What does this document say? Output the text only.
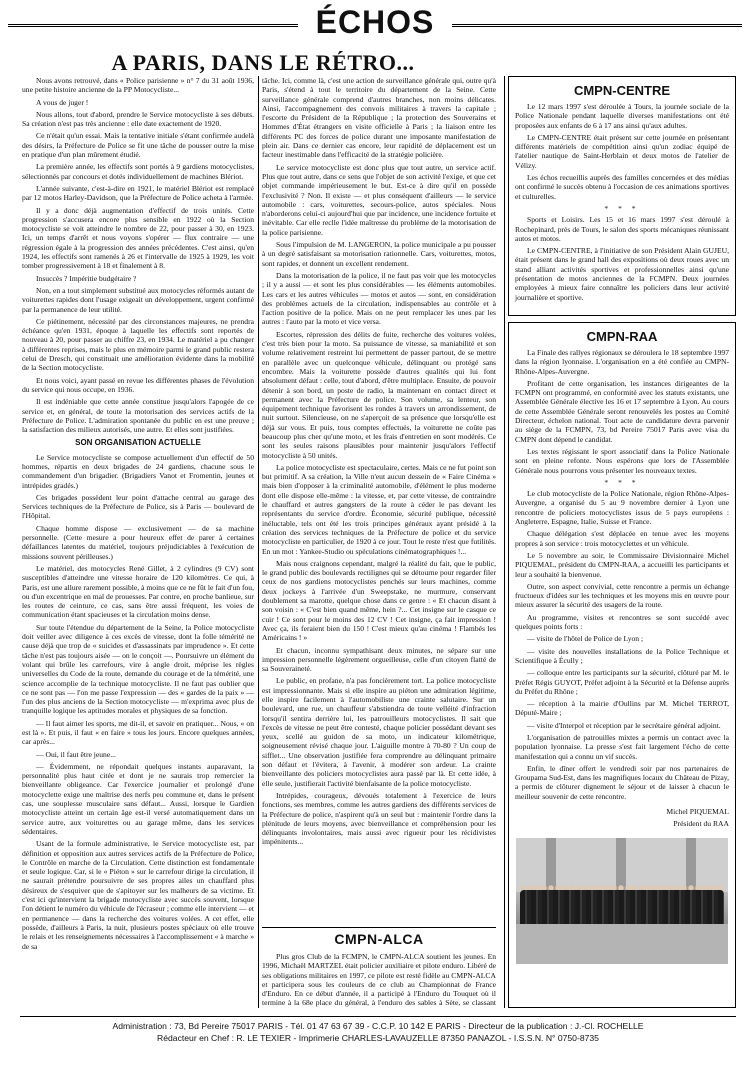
ÉCHOS
A PARIS, DANS LE RÉTRO...

Nous avons retrouvé, dans « Police parisienne » n° 7 du 31 août 1936, une petite histoire ancienne de la PP Motocycliste...

A vous de juger !

Nous allons, tout d'abord, prendre le Service motocycliste à ses débuts. Sa création n'est pas très ancienne : elle date exactement de 1920.

Ce n'était qu'un essai. Mais la tentative initiale s'étant confirmée audelà des désirs, la Préfecture de Police se fit une tâche de pousser outre la mise en pratique d'un plan mûrement étudié.

La première année, les effectifs sont portés à 9 gardiens motocyclistes, sélectionnés par concours et dotés individuellement de machines Blériot.

L'année suivante, c'est-à-dire en 1921, le matériel Blériot est remplacé par 12 motos Harley-Davidson, que la Préfecture de Police acheta à l'armée.

Il y a donc déjà augmentation d'effectif de trois unités. Cette progression s'accusera encore plus sensible en 1922 où la Section motocycliste se voit atteindre le nombre de 22, pour passer à 30, en 1923. Ici, un temps d'arrêt et nous voyons s'opérer — flux contraire — une régression égale à la progression des années précédentes. C'est ainsi, qu'en 1924, les effectifs sont ramenés à 26 et l'intervalle de 1925 à 1929, les voit tomber progressivement à 18 et finalement à 8.

Insuccès ? Impéritie budgétaire ?

Non, en a tout simplement substitué aux motocycles réformés autant de voiturettes rapides dont l'usage exigeait un développement, urgent confirmé par la permanence de leur utilité.

Ce piétinement, nécessité par des circonstances majeures, ne prendra échéance qu'en 1931, époque à laquelle les effectifs sont reportés de nouveau à 20, pour passer au chiffre 23, en 1934. Le matériel a pu changer à différentes reprises, mais le plus en mémoire parmi le grand public restera celui de Dresch, qui constituait une amélioration évidente dans la mobilité de la Section motocycliste.

Et nous voici, ayant passé en revue les différentes phases de l'évolution du service qui nous occupe, en 1936.

Il est indéniable que cette année constitue jusqu'alors l'apogée de ce service et, en général, de toute la motorisation des services actifs de la Préfecture de Police. L'admiration spontanée du public en est une preuve ; la satisfaction des milieux autorisés, une autre. Et elles sont justifiées.

SON ORGANISATION ACTUELLE

Le Service motocycliste se compose actuellement d'un effectif de 50 hommes, répartis en deux brigades de 24 gardiens, chacune sous le commandement d'un brigadier. (Brigadiers Vanot et Fromentin, jeunes et intrépides gradés.)

Ces brigades possèdent leur point d'attache central au garage des Services techniques de la Préfecture de Police, sis à Paris — boulevard de l'Hôpital.

Chaque homme dispose — exclusivement — de sa machine personnelle. (Cette mesure a pour heureux effet de parer à certaines défaillances latentes du matériel, toujours préjudiciables à l'exécution de missions souvent périlleuses.)

Le matériel, des motocycles René Gillet, à 2 cylindres (9 CV) sont susceptibles d'atteindre une vitesse horaire de 120 kilomètres. Ce qui, à Paris, est une allure rarement possible, à moins que ce ne fût le fait d'un fou, ou d'un excentrique en mal de prouesses. Par contre, en proche banlieue, sur les routes de ceinture, ce cas, sans être aussi fréquent, les voies de communication étant spacieuses et la circulation moins dense.

Sur toute l'étendue du département de la Seine, la Police motocycliste doit veiller avec diligence à ces excès de vitesse, dont la folle témérité ne cause déjà que trop de « suicides et d'assassinats par imprudence ». Et cette tâche n'est pas toujours aisée — on le conçoit —. Poursuivre un élément du volant qui brûle les carrefours, vire à angle droit, méprise les règles universelles du Code de la route, demande du courage et de la témérité, une science accomplie de la technique motocycliste. Il ne faut pas oublier que ce ne sont pas — l'on me passe l'expression — des « gardes de la paix » — l'un des plus anciens de la Section motocycliste — m'exprima avec plus de tranquille logique les aptitudes morales et physiques de sa fonction.

— Il faut aimer les sports, me dit-il, et savoir en pratiquer... Nous, « on est là ». Et puis, il faut « en faire » tous les jours. Encore quelques années, car après...

— Oui, il faut être jeune...

— Évidemment, ne répondait quelques instants auparavant, la personnalité plus haut citée et dont je ne saurais trop remercier la bienveillante obligeance. Car l'exercice journalier et prolongé d'une motocyclette exige une maîtrise des nerfs peu commune et, dans le présent cas, une souplesse musculaire sans défaut... Aussi, lorsque le Gardien motocycliste atteint un certain âge est-il versé automatiquement dans un service autre, aux voiturettes ou au garage même, dans les services sédentaires.

Usant de la formule administrative, le Service motocycliste est, par définition et opposition aux autres services actifs de la Préfecture de Police, le Contrôle en marche de la Circulation. Cette distinction est fondamentale et seule logique. Car, si le « Piéton » sur le carrefour dirige la circulation, il ne saurait prétendre poursuivre de ses propres ailes un chauffard plus désireux de s'esquiver que de s'apitoyer sur les malheurs de sa victime. Et c'est ici qu'intervient la brigade motocycliste avec succès souvent, lorsque l'on détient le numéro du véhicule de l'écraseur ; comme elle intervient — et en permanence — dans la recherche des voitures volées. A cet effet, elle possède, d'ailleurs à Paris, la nuit, plusieurs postes spéciaux où elle trouve le relais et les renseignements nécessaires à l'accomplissement « à marche » de sa

tâche. Ici, comme là, c'est une action de surveillance générale qui, outre qu'à Paris, s'étend à tout le territoire du département de la Seine. Cette surveillance générale comprend d'autres branches, non moins délicates. Ainsi, l'accompagnement des convois militaires à travers la capitale ; l'escorte du Président de la République ; la protection des Souverains et Hommes d'État étrangers en visite officielle à Paris ; la liaison entre les différents PC des forces de police durant une imposante manifestation de plein air. Dans ce dernier cas encore, leur rapidité de déplacement est un facteur inestimable dans l'efficacité de la stratégie policière.

Le service motocycliste est donc plus que tout autre, un service actif. Plus que tout autre, dans ce sens que l'objet de son activité l'exige, et que cet objet commande impérieusement le but. Est-ce à dire qu'il en possède l'exclusivité ? Non. Il existe — et plus conséquent d'ailleurs — le service automobile : cars, voiturettes, secours-police, autos spéciales. Nous n'aborderons celui-ci aujourd'hui que par incidence, une incidence fortuite et inévitable. Car elle reclle l'idée maîtresse du problème de la motorisation de la police parisienne.

Sous l'impulsion de M. LANGERON, la police municipale a pu pousser à un degré satisfaisant sa motorisation rationnelle. Cars, voiturettes, motos, sont rapides, et donnent un excellent rendement.

Dans la motorisation de la police, il ne faut pas voir que les motocycles ; il y a aussi — et sont les plus considérables — les éléments automobiles. Les cars et les autres véhicules — motos et autos — sont, en considération des problèmes actuels de la circulation, indispensables au contrôle et à l'action positive de la police. Mais on ne peut remplacer les unes par les autres : l'auto par la moto et vice versa.

Escortes, répression des délits de fuite, recherche des voitures volées, c'est très bien pour la moto. Sa puissance de vitesse, sa maniabilité et son volume relativement restreint lui permettent de passer partout, de se mettre en parallèle avec un quelconque véhicule, délinquant ou protégé sans encombre. Mais la voiturette possède d'autres qualités qui lui font absolument défaut : celle, tout d'abord, d'être multiplace. Ensuite, de pouvoir détenir à son bord, un poste de radio, la maintenant en contact direct et permanent avec la Préfecture de police. Son volume, sa lenteur, son équipement technique favorisent les rondes à travers un arrondissement, de nuit surtout. Silencieuse, on ne s'aperçoit de sa présence que lorsqu'elle est déjà sur vous. Et puis, tous comptes effectués, la voiturette ne coûte pas beaucoup plus cher qu'une moto, et les frais d'entretien en sont modérés. Ce sont les seules raisons plausibles pour maintenir jusqu'alors l'effectif motocycliste à 50 unités.

La police motocycliste est spectaculaire, certes. Mais ce ne fut point son but primitif. A sa création, la Ville n'eut aucun dessein de « Faire Cinéma » mais bien d'opposer à la criminalité automobile, d'élément le plus moderne dont elle dispose elle-même : la vitesse, et, par cette vitesse, de contraindre le chauffard et autres gangsters de la route à céder le pas devant les représentants du service d'ordre. Économie, sécurité publique, nécessité inéluctable, tels ont été les trois principes généraux ayant présidé à la création des services techniques de la Préfecture de police et du service motocycliste en particulier, de 1920 à ce jour. Tout le reste n'est que futilités. En un mot : Yankee-Studio ou spéculations cinématographiques !...

Mais nous craignons cependant, malgré la réalité du fait, que le public, le grand public des boulevards rectilignes qui se détourne pour regarder filer ceux de nos gardiens motocyclistes penchés sur leurs machines, comme deux jockeys à l'arrivée d'un Sweepstake, ne murmure, conservant doublement sa marotte, quelque chose dans ce genre : « Et chacun disant à son voisin : « C'est bien quand même, hein ?... Cet insigne sur le casque ce cuir ! Ce sont pour le moins des 12 CV ! Cet insigne, ça fait impression ! Avec ça, ils feraient bien du 150 ! C'est mieux qu'au cinéma ! Flambés les Américains ! »

Et chacun, inconnu sympathisant deux minutes, ne sépare sur une impression personnelle légèrement orgueilleuse, celle d'un citoyen flatté de sa Souveraineté.

Le public, en profane, n'a pas foncièrement tort. La police motocycliste est impressionnante. Mais si elle inspire au piéton une admiration légitime, elle inspire facilement à l'automobiliste une crainte salutaire. Sur un boulevard, une rue, un chauffeur s'abstiendra de toute velléité d'infraction lorsqu'il sentira derrière lui, les patrouilleurs motocyclistes. Il sait que l'excès de vitesse ne peut être contesté, chaque policier possédant devant ses yeux, scellé au guidon de sa moto, un indicateur kilométrique, soigneusement révisé chaque jour. L'aiguille montre à 70-80 ? Un coup de sifflet... Une observation justifiée fera comprendre au délinquant primaire son défaut et l'évitera, à l'avenir, à modérer son ardeur. La crainte bienveillante des policiers motocyclistes aura passé par là. Et cette idée, à elle seule, justifierait l'activité bienfaisante de la police motocycliste.

Intrépides, courageux, dévoués totalement à l'exercice de leurs fonctions, ses membres, comme les autres gardiens des différents services de la Préfecture de police, n'aspirent qu'à un seul but : maintenir l'ordre dans la plénitude de leurs moyens, avec bienveillance et compréhension pour les délinquants involontaires, mais aussi avec rigueur pour les récidivistes impénitents...

CMPN-ALCA

Plus gros Club de la FCMPN, le CMPN-ALCA soutient les jeunes. En 1996, Michaël MARTZEL était policier auxiliaire et pilote enduro. Libéré de ses obligations militaires en 1997, ce pilote est resté fidèle au CMPN-ALCA et participera sous les couleurs de ce club au Championnat de France d'Enduro. En ce début d'année, il a participé à l'Enduro du Touquet où il termine à la 68e place du général, à l'enduro des sables à Sète, se classant

CMPN-CENTRE

Le 12 mars 1997 s'est déroulée à Tours, la journée sociale de la Police Nationale pendant laquelle diverses manifestations ont été proposées aux enfants de 6 à 17 ans ainsi qu'aux adultes.

Le CMPN-CENTRE était présent sur cette journée en présentant différents matériels de compétition ainsi qu'un zodiac équipé de l'atelier nautique de Saint-Herblain et deux motos de l'atelier de Vélizy.

Les échos recueillis auprès des familles concernées et des médias ont confirmé le succès obtenu à l'occasion de ces animations sportives et culturelles.

* * *

Sports et Loisirs. Les 15 et 16 mars 1997 s'est déroulé à Rochepinard, près de Tours, le salon des sports mécaniques réunissant autos et motos.

Le CMPN-CENTRE, à l'initiative de son Président Alain GUJEU, était présent dans le grand hall des expositions où deux roues avec un stand alliant activités sportives et professionnelles ainsi qu'une présentation de motos anciennes de la FCMPN. Deux journées employées à mieux faire connaître les policiers dans leur activité journalière et sportive.

CMPN-RAA

La Finale des rallyes régionaux se déroulera le 18 septembre 1997 dans la région lyonnaise. L'organisation en a été confiée au CMPN-Rhône-Alpes-Auvergne.

Profitant de cette organisation, les instances dirigeantes de la FCMPN ont programmé, en conformité avec les statuts existants, une Assemblée Générale élective les 16 et 17 septembre à Lyon. Au cours de cette Assemblée Générale seront renouvelés les postes au Comité Directeur, échelon national. Tout acte de candidature devra parvenir au siège de la FCMPN, 73, bd Pereire 75017 Paris avec visa du CMPN dont dépend le candidat.

Les textes régissant le sport associatif dans la Police Nationale sont en pleine refonte. Nous espérons que lors de l'Assemblée Générale nous pourrons vous présenter les nouveaux textes.

* * *

Le club motocycliste de la Police Nationale, région Rhône-Alpes-Auvergne, a organisé du 5 au 9 novembre dernier à Lyon une rencontre de policiers motocyclistes issus de 5 pays européens : Angleterre, Espagne, Italie, Suisse et France.

Chaque délégation s'est déplacée en tenue avec les moyens propres à son service : trois motocyclettes et un véhicule.

Le 5 novembre au soir, le Commissaire Divisionnaire Michel PIQUEMAL, président du CMPN-RAA, a accueilli les participants et leur a souhaité la bienvenue.

Outre, son aspect convivial, cette rencontre a permis un échange fructueux d'idées sur les techniques et les moyens mis en œuvre pour mieux assurer la sécurité des usagers de la route.

Au programme, visites et rencontres se sont succédé avec quelques points forts :

— visite de l'hôtel de Police de Lyon ;

— visite des nouvelles installations de la Police Technique et Scientifique à Écully ;

— colloque entre les participants sur la sécurité, clôturé par M. le Préfet Régis GUYOT, Préfet adjoint à la Sécurité et la Défense auprès du Préfet du Rhône ;

— réception à la mairie d'Oullins par M. Michel TERROT, Député-Maire ;

— visite d'Interpol et réception par le secrétaire général adjoint.

L'organisation de patrouilles mixtes a permis un contact avec la population lyonnaise. La presse s'est fait largement l'écho de cette manifestation qui a connu un vif succès.

Enfin, le dîner offert le vendredi soir par nos partenaires de Groupama Sud-Est, dans les magnifiques locaux du Château de Pizay, a permis de clôturer dignement le séjour et de laisser à chacun le meilleur souvenir de cette rencontre.

Michel PIQUEMAL

Président du RAA

Administration : 73, Bd Pereire 75017 PARIS - Tél. 01 47 63 67 39 - C.C.P. 10 142 E PARIS - Directeur de la publication : J.-Cl. ROCHELLE
Rédacteur en Chef : R. LE TEXIER - Imprimerie CHARLES-LAVAUZELLE 87350 PANAZOL - I.S.S.N. N° 0750-8735
